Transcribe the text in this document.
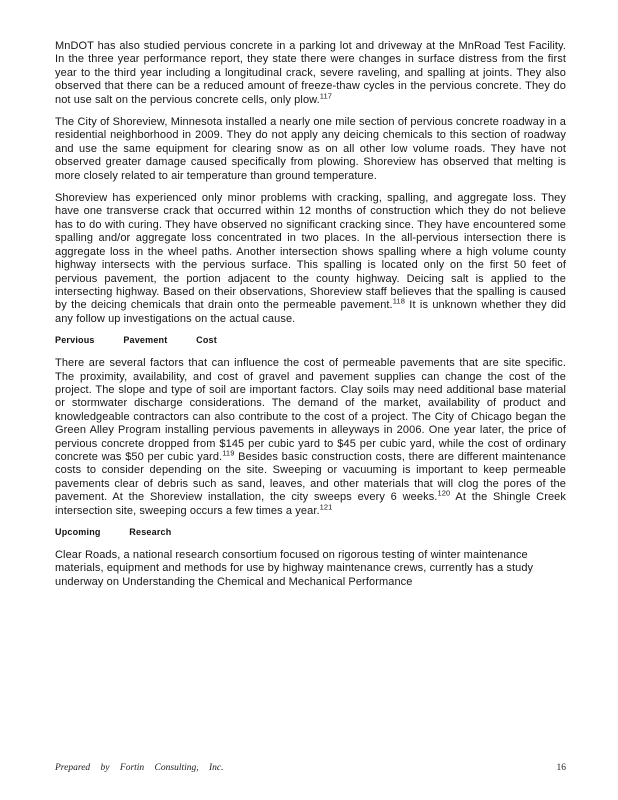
MnDOT has also studied pervious concrete in a parking lot and driveway at the MnRoad Test Facility. In the three year performance report, they state there were changes in surface distress from the first year to the third year including a longitudinal crack, severe raveling, and spalling at joints. They also observed that there can be a reduced amount of freeze-thaw cycles in the pervious concrete. They do not use salt on the pervious concrete cells, only plow.$^{117}$

The City of Shoreview, Minnesota installed a nearly one mile section of pervious concrete roadway in a residential neighborhood in 2009. They do not apply any deicing chemicals to this section of roadway and use the same equipment for clearing snow as on all other low volume roads. They have not observed greater damage caused specifically from plowing. Shoreview has observed that melting is more closely related to air temperature than ground temperature.

Shoreview has experienced only minor problems with cracking, spalling, and aggregate loss. They have one transverse crack that occurred within 12 months of construction which they do not believe has to do with curing. They have observed no significant cracking since. They have encountered some spalling and/or aggregate loss concentrated in two places. In the all-pervious intersection there is aggregate loss in the wheel paths. Another intersection shows spalling where a high volume county highway intersects with the pervious surface. This spalling is located only on the first 50 feet of pervious pavement, the portion adjacent to the county highway. Deicing salt is applied to the intersecting highway. Based on their observations, Shoreview staff believes that the spalling is caused by the deicing chemicals that drain onto the permeable pavement.$^{118}$ It is unknown whether they did any follow up investigations on the actual cause.

Pervious Pavement Cost

There are several factors that can influence the cost of permeable pavements that are site specific. The proximity, availability, and cost of gravel and pavement supplies can change the cost of the project. The slope and type of soil are important factors. Clay soils may need additional base material or stormwater discharge considerations. The demand of the market, availability of product and knowledgeable contractors can also contribute to the cost of a project. The City of Chicago began the Green Alley Program installing pervious pavements in alleyways in 2006. One year later, the price of pervious concrete dropped from $145 per cubic yard to $45 per cubic yard, while the cost of ordinary concrete was $50 per cubic yard.$^{119}$ Besides basic construction costs, there are different maintenance costs to consider depending on the site. Sweeping or vacuuming is important to keep permeable pavements clear of debris such as sand, leaves, and other materials that will clog the pores of the pavement. At the Shoreview installation, the city sweeps every 6 weeks.$^{120}$ At the Shingle Creek intersection site, sweeping occurs a few times a year.$^{121}$

Upcoming Research

Clear Roads, a national research consortium focused on rigorous testing of winter maintenance materials, equipment and methods for use by highway maintenance crews, currently has a study underway on Understanding the Chemical and Mechanical Performance

Prepared by Fortin Consulting, Inc.	16
